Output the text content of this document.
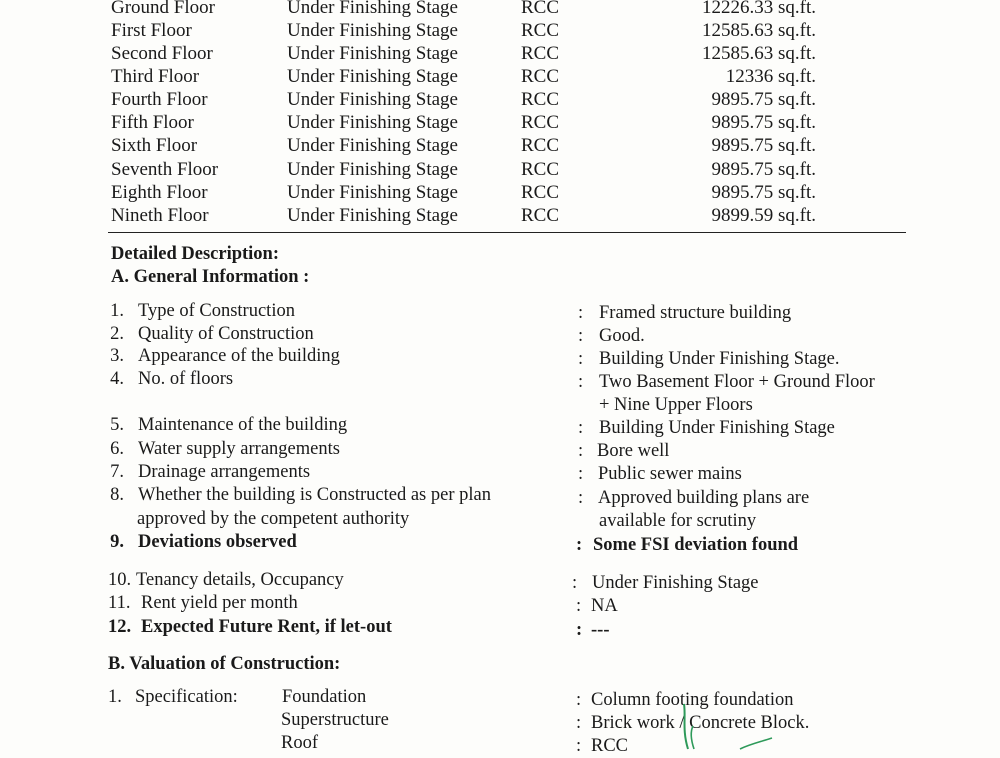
Ground Floor	Under Finishing Stage	RCC	12226.33 sq.ft.
First Floor	Under Finishing Stage	RCC	12585.63 sq.ft.
Second Floor	Under Finishing Stage	RCC	12585.63 sq.ft.
Third Floor	Under Finishing Stage	RCC	12336 sq.ft.
Fourth Floor	Under Finishing Stage	RCC	9895.75 sq.ft.
Fifth Floor	Under Finishing Stage	RCC	9895.75 sq.ft.
Sixth Floor	Under Finishing Stage	RCC	9895.75 sq.ft.
Seventh Floor	Under Finishing Stage	RCC	9895.75 sq.ft.
Eighth Floor	Under Finishing Stage	RCC	9895.75 sq.ft.
Nineth Floor	Under Finishing Stage	RCC	9899.59 sq.ft.
Detailed Description:
A. General Information :
1. Type of Construction	: Framed structure building
2. Quality of Construction	: Good.
3. Appearance of the building	: Building Under Finishing Stage.
4. No. of floors	: Two Basement Floor + Ground Floor
+ Nine Upper Floors
5. Maintenance of the building	: Building Under Finishing Stage
6. Water supply arrangements	: Bore well
7. Drainage arrangements	: Public sewer mains
8. Whether the building is Constructed as per plan
approved by the competent authority
: Approved building plans are
available for scrutiny
9. Deviations observed	: Some FSI deviation found
10. Tenancy details, Occupancy	: Under Finishing Stage
11. Rent yield per month	: NA
12. Expected Future Rent, if let-out	: ---
B. Valuation of Construction:
1. Specification: Foundation	: Column footing foundation
Superstructure	: Brick work / Concrete Block.
Roof	: RCC
